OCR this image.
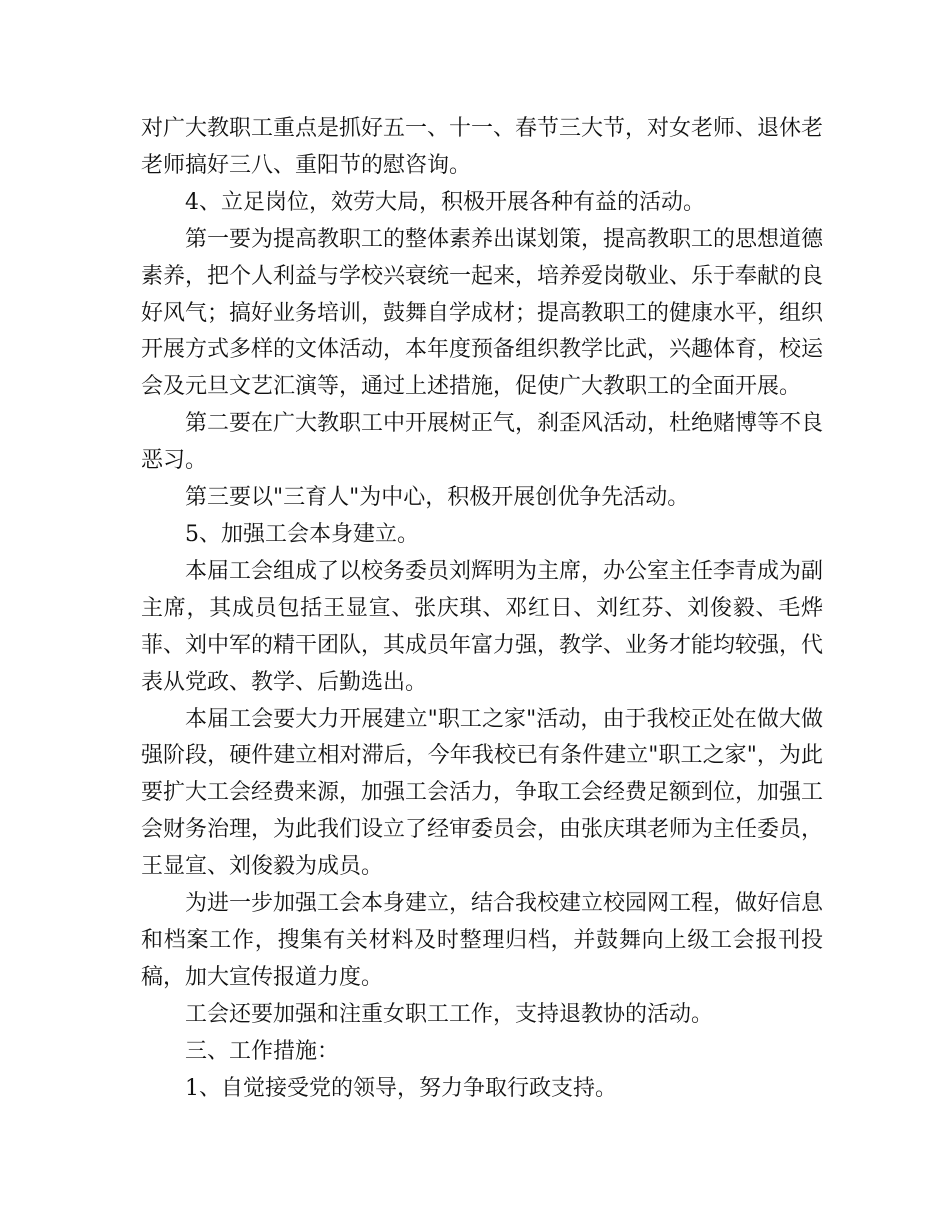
对广大教职工重点是抓好五一、十一、春节三大节，对女老师、退休老老师搞好三八、重阳节的慰咨询。

4、立足岗位，效劳大局，积极开展各种有益的活动。

第一要为提高教职工的整体素养出谋划策，提高教职工的思想道德素养，把个人利益与学校兴衰统一起来，培养爱岗敬业、乐于奉献的良好风气；搞好业务培训，鼓舞自学成材；提高教职工的健康水平，组织开展方式多样的文体活动，本年度预备组织教学比武，兴趣体育，校运会及元旦文艺汇演等，通过上述措施，促使广大教职工的全面开展。

第二要在广大教职工中开展树正气，刹歪风活动，杜绝赌博等不良恶习。

第三要以"三育人"为中心，积极开展创优争先活动。

5、加强工会本身建立。

本届工会组成了以校务委员刘辉明为主席，办公室主任李青成为副主席，其成员包括王显宣、张庆琪、邓红日、刘红芬、刘俊毅、毛烨菲、刘中军的精干团队，其成员年富力强，教学、业务才能均较强，代表从党政、教学、后勤选出。

本届工会要大力开展建立"职工之家"活动，由于我校正处在做大做强阶段，硬件建立相对滞后，今年我校已有条件建立"职工之家"，为此要扩大工会经费来源，加强工会活力，争取工会经费足额到位，加强工会财务治理，为此我们设立了经审委员会，由张庆琪老师为主任委员，王显宣、刘俊毅为成员。

为进一步加强工会本身建立，结合我校建立校园网工程，做好信息和档案工作，搜集有关材料及时整理归档，并鼓舞向上级工会报刊投稿，加大宣传报道力度。

工会还要加强和注重女职工工作，支持退教协的活动。

三、工作措施：

1、自觉接受党的领导，努力争取行政支持。
